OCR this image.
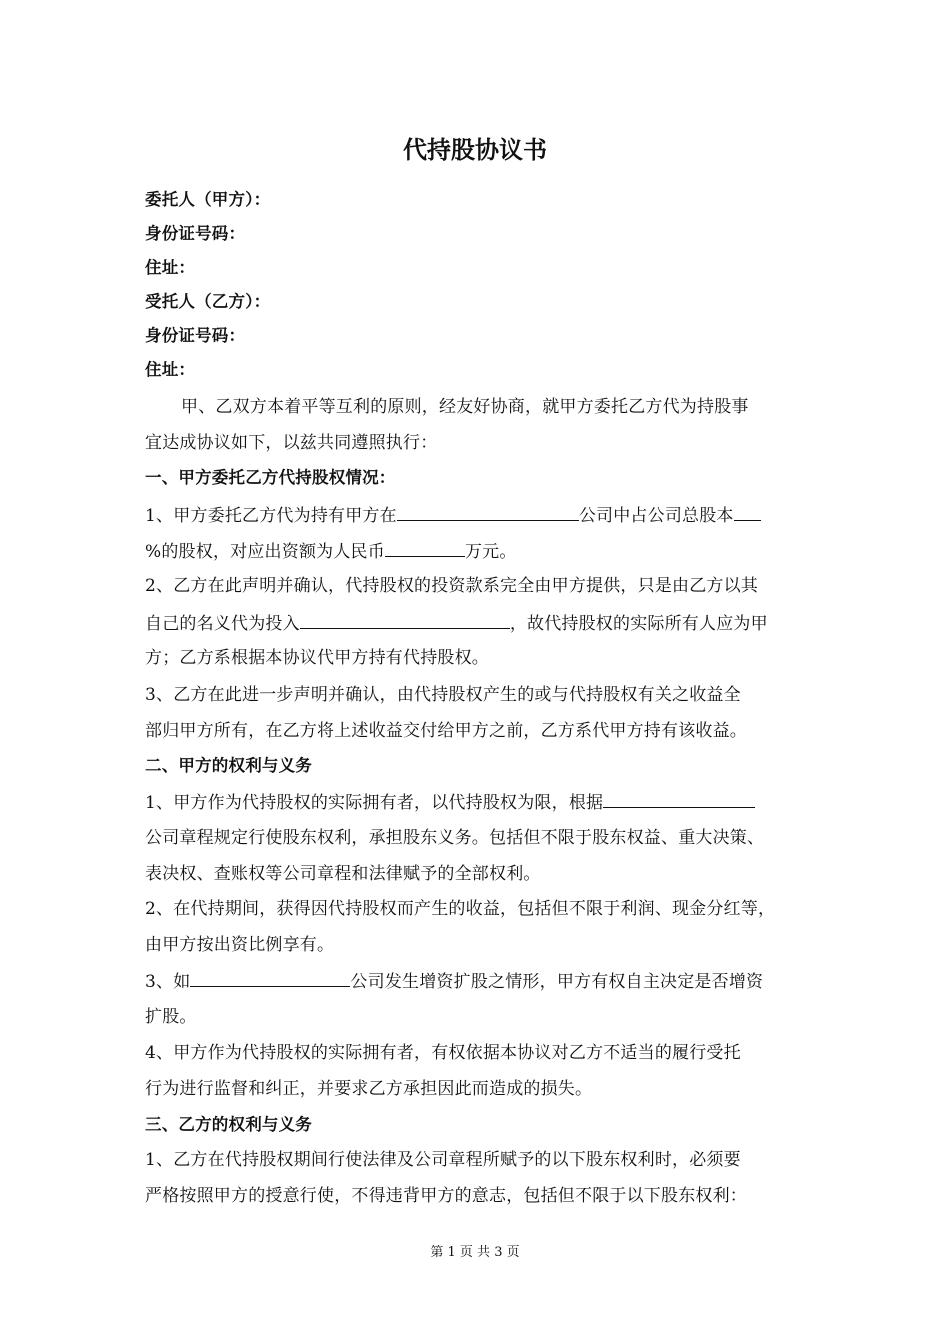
代持股协议书
委托人（甲方）：
身份证号码：
住址：
受托人（乙方）：
身份证号码：
住址：
甲、乙双方本着平等互利的原则，经友好协商，就甲方委托乙方代为持股事
宜达成协议如下，以兹共同遵照执行：
一、甲方委托乙方代持股权情况：
1、甲方委托乙方代为持有甲方在	公司中占公司总股本
%的股权，对应出资额为人民币	万元。
2、乙方在此声明并确认，代持股权的投资款系完全由甲方提供，只是由乙方以其
自己的名义代为投入	，故代持股权的实际所有人应为甲
方；乙方系根据本协议代甲方持有代持股权。
3、乙方在此进一步声明并确认，由代持股权产生的或与代持股权有关之收益全
部归甲方所有，在乙方将上述收益交付给甲方之前，乙方系代甲方持有该收益。
二、甲方的权利与义务
1、甲方作为代持股权的实际拥有者，以代持股权为限，根据
公司章程规定行使股东权利，承担股东义务。包括但不限于股东权益、重大决策、
表决权、查账权等公司章程和法律赋予的全部权利。
2、在代持期间，获得因代持股权而产生的收益，包括但不限于利润、现金分红等，
由甲方按出资比例享有。
3、如	公司发生增资扩股之情形，甲方有权自主决定是否增资
扩股。
4、甲方作为代持股权的实际拥有者，有权依据本协议对乙方不适当的履行受托
行为进行监督和纠正，并要求乙方承担因此而造成的损失。
三、乙方的权利与义务
1、乙方在代持股权期间行使法律及公司章程所赋予的以下股东权利时，必须要
严格按照甲方的授意行使，不得违背甲方的意志，包括但不限于以下股东权利：
第 1 页 共 3 页
